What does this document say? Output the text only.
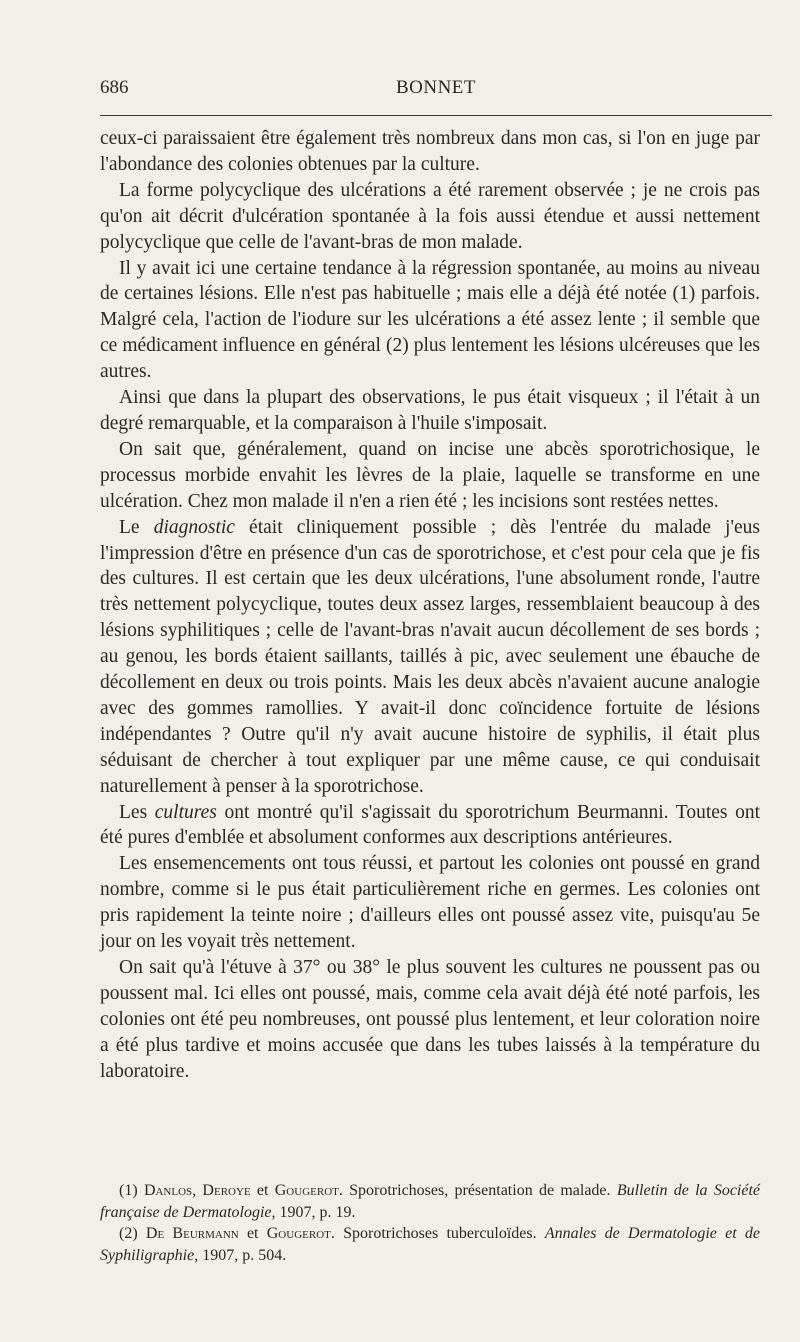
686	BONNET

ceux-ci paraissaient être également très nombreux dans mon cas, si l'on en juge par l'abondance des colonies obtenues par la culture.

La forme polycyclique des ulcérations a été rarement observée ; je ne crois pas qu'on ait décrit d'ulcération spontanée à la fois aussi étendue et aussi nettement polycyclique que celle de l'avant-bras de mon malade.

Il y avait ici une certaine tendance à la régression spontanée, au moins au niveau de certaines lésions. Elle n'est pas habituelle ; mais elle a déjà été notée (1) parfois. Malgré cela, l'action de l'iodure sur les ulcérations a été assez lente ; il semble que ce médicament influence en général (2) plus lentement les lésions ulcéreuses que les autres.

Ainsi que dans la plupart des observations, le pus était visqueux ; il l'était à un degré remarquable, et la comparaison à l'huile s'imposait.

On sait que, généralement, quand on incise une abcès sporotrichosique, le processus morbide envahit les lèvres de la plaie, laquelle se transforme en une ulcération. Chez mon malade il n'en a rien été ; les incisions sont restées nettes.

Le diagnostic était cliniquement possible ; dès l'entrée du malade j'eus l'impression d'être en présence d'un cas de sporotrichose, et c'est pour cela que je fis des cultures. Il est certain que les deux ulcérations, l'une absolument ronde, l'autre très nettement polycyclique, toutes deux assez larges, ressemblaient beaucoup à des lésions syphilitiques ; celle de l'avant-bras n'avait aucun décollement de ses bords ; au genou, les bords étaient saillants, taillés à pic, avec seulement une ébauche de décollement en deux ou trois points. Mais les deux abcès n'avaient aucune analogie avec des gommes ramollies. Y avait-il donc coïncidence fortuite de lésions indépendantes ? Outre qu'il n'y avait aucune histoire de syphilis, il était plus séduisant de chercher à tout expliquer par une même cause, ce qui conduisait naturellement à penser à la sporotrichose.

Les cultures ont montré qu'il s'agissait du sporotrichum Beurmanni. Toutes ont été pures d'emblée et absolument conformes aux descriptions antérieures.

Les ensemencements ont tous réussi, et partout les colonies ont poussé en grand nombre, comme si le pus était particulièrement riche en germes. Les colonies ont pris rapidement la teinte noire ; d'ailleurs elles ont poussé assez vite, puisqu'au 5e jour on les voyait très nettement.

On sait qu'à l'étuve à 37° ou 38° le plus souvent les cultures ne poussent pas ou poussent mal. Ici elles ont poussé, mais, comme cela avait déjà été noté parfois, les colonies ont été peu nombreuses, ont poussé plus lentement, et leur coloration noire a été plus tardive et moins accusée que dans les tubes laissés à la température du laboratoire.

(1) Danlos, Deroye et Gougerot. Sporotrichoses, présentation de malade. Bulletin de la Société française de Dermatologie, 1907, p. 19.

(2) De Beurmann et Gougerot. Sporotrichoses tuberculoïdes. Annales de Dermatologie et de Syphiligraphie, 1907, p. 504.
